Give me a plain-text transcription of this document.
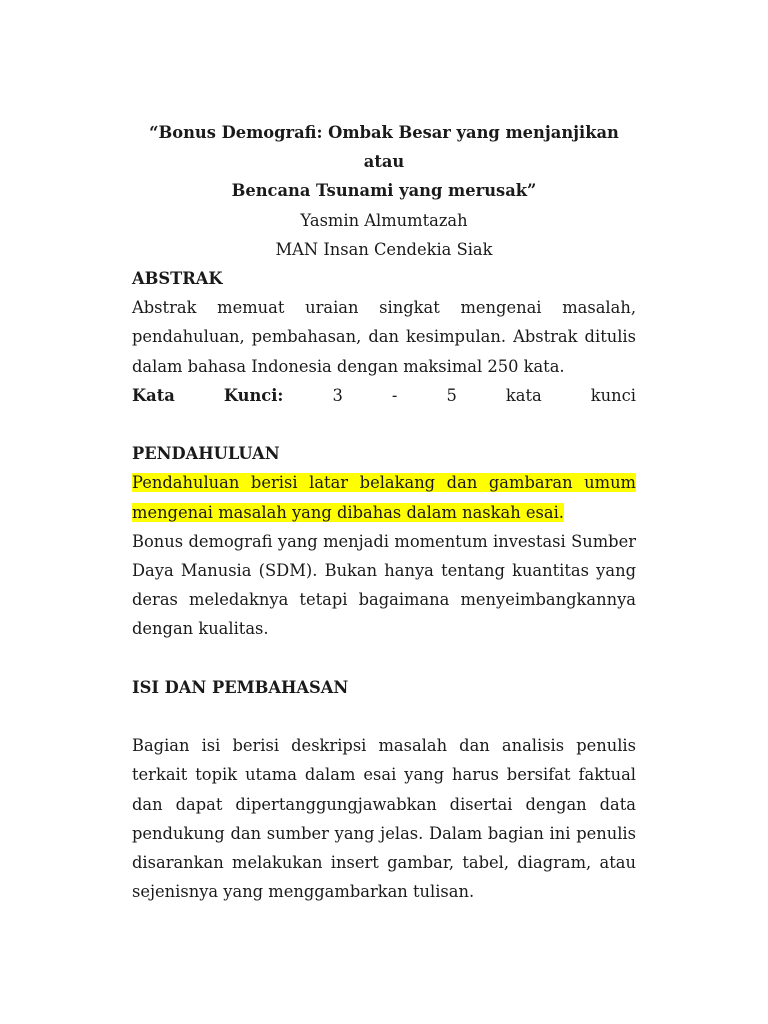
“Bonus Demografi: Ombak Besar yang menjanjikan atau
Bencana Tsunami yang merusak”
Yasmin Almumtazah
MAN Insan Cendekia Siak

ABSTRAK

Abstrak memuat uraian singkat mengenai masalah, pendahuluan, pembahasan, dan kesimpulan. Abstrak ditulis dalam bahasa Indonesia dengan maksimal 250 kata.

Kata	Kunci:	3	-	5	kata	kunci

PENDAHULUAN

Pendahuluan berisi latar belakang dan gambaran umum mengenai masalah yang dibahas dalam naskah esai.

Bonus demografi yang menjadi momentum investasi Sumber Daya Manusia (SDM). Bukan hanya tentang kuantitas yang deras meledaknya tetapi bagaimana menyeimbangkannya dengan kualitas.

ISI DAN PEMBAHASAN

Bagian isi berisi deskripsi masalah dan analisis penulis terkait topik utama dalam esai yang harus bersifat faktual dan dapat dipertanggungjawabkan disertai dengan data pendukung dan sumber yang jelas. Dalam bagian ini penulis disarankan melakukan insert gambar, tabel, diagram, atau sejenisnya yang menggambarkan tulisan.
